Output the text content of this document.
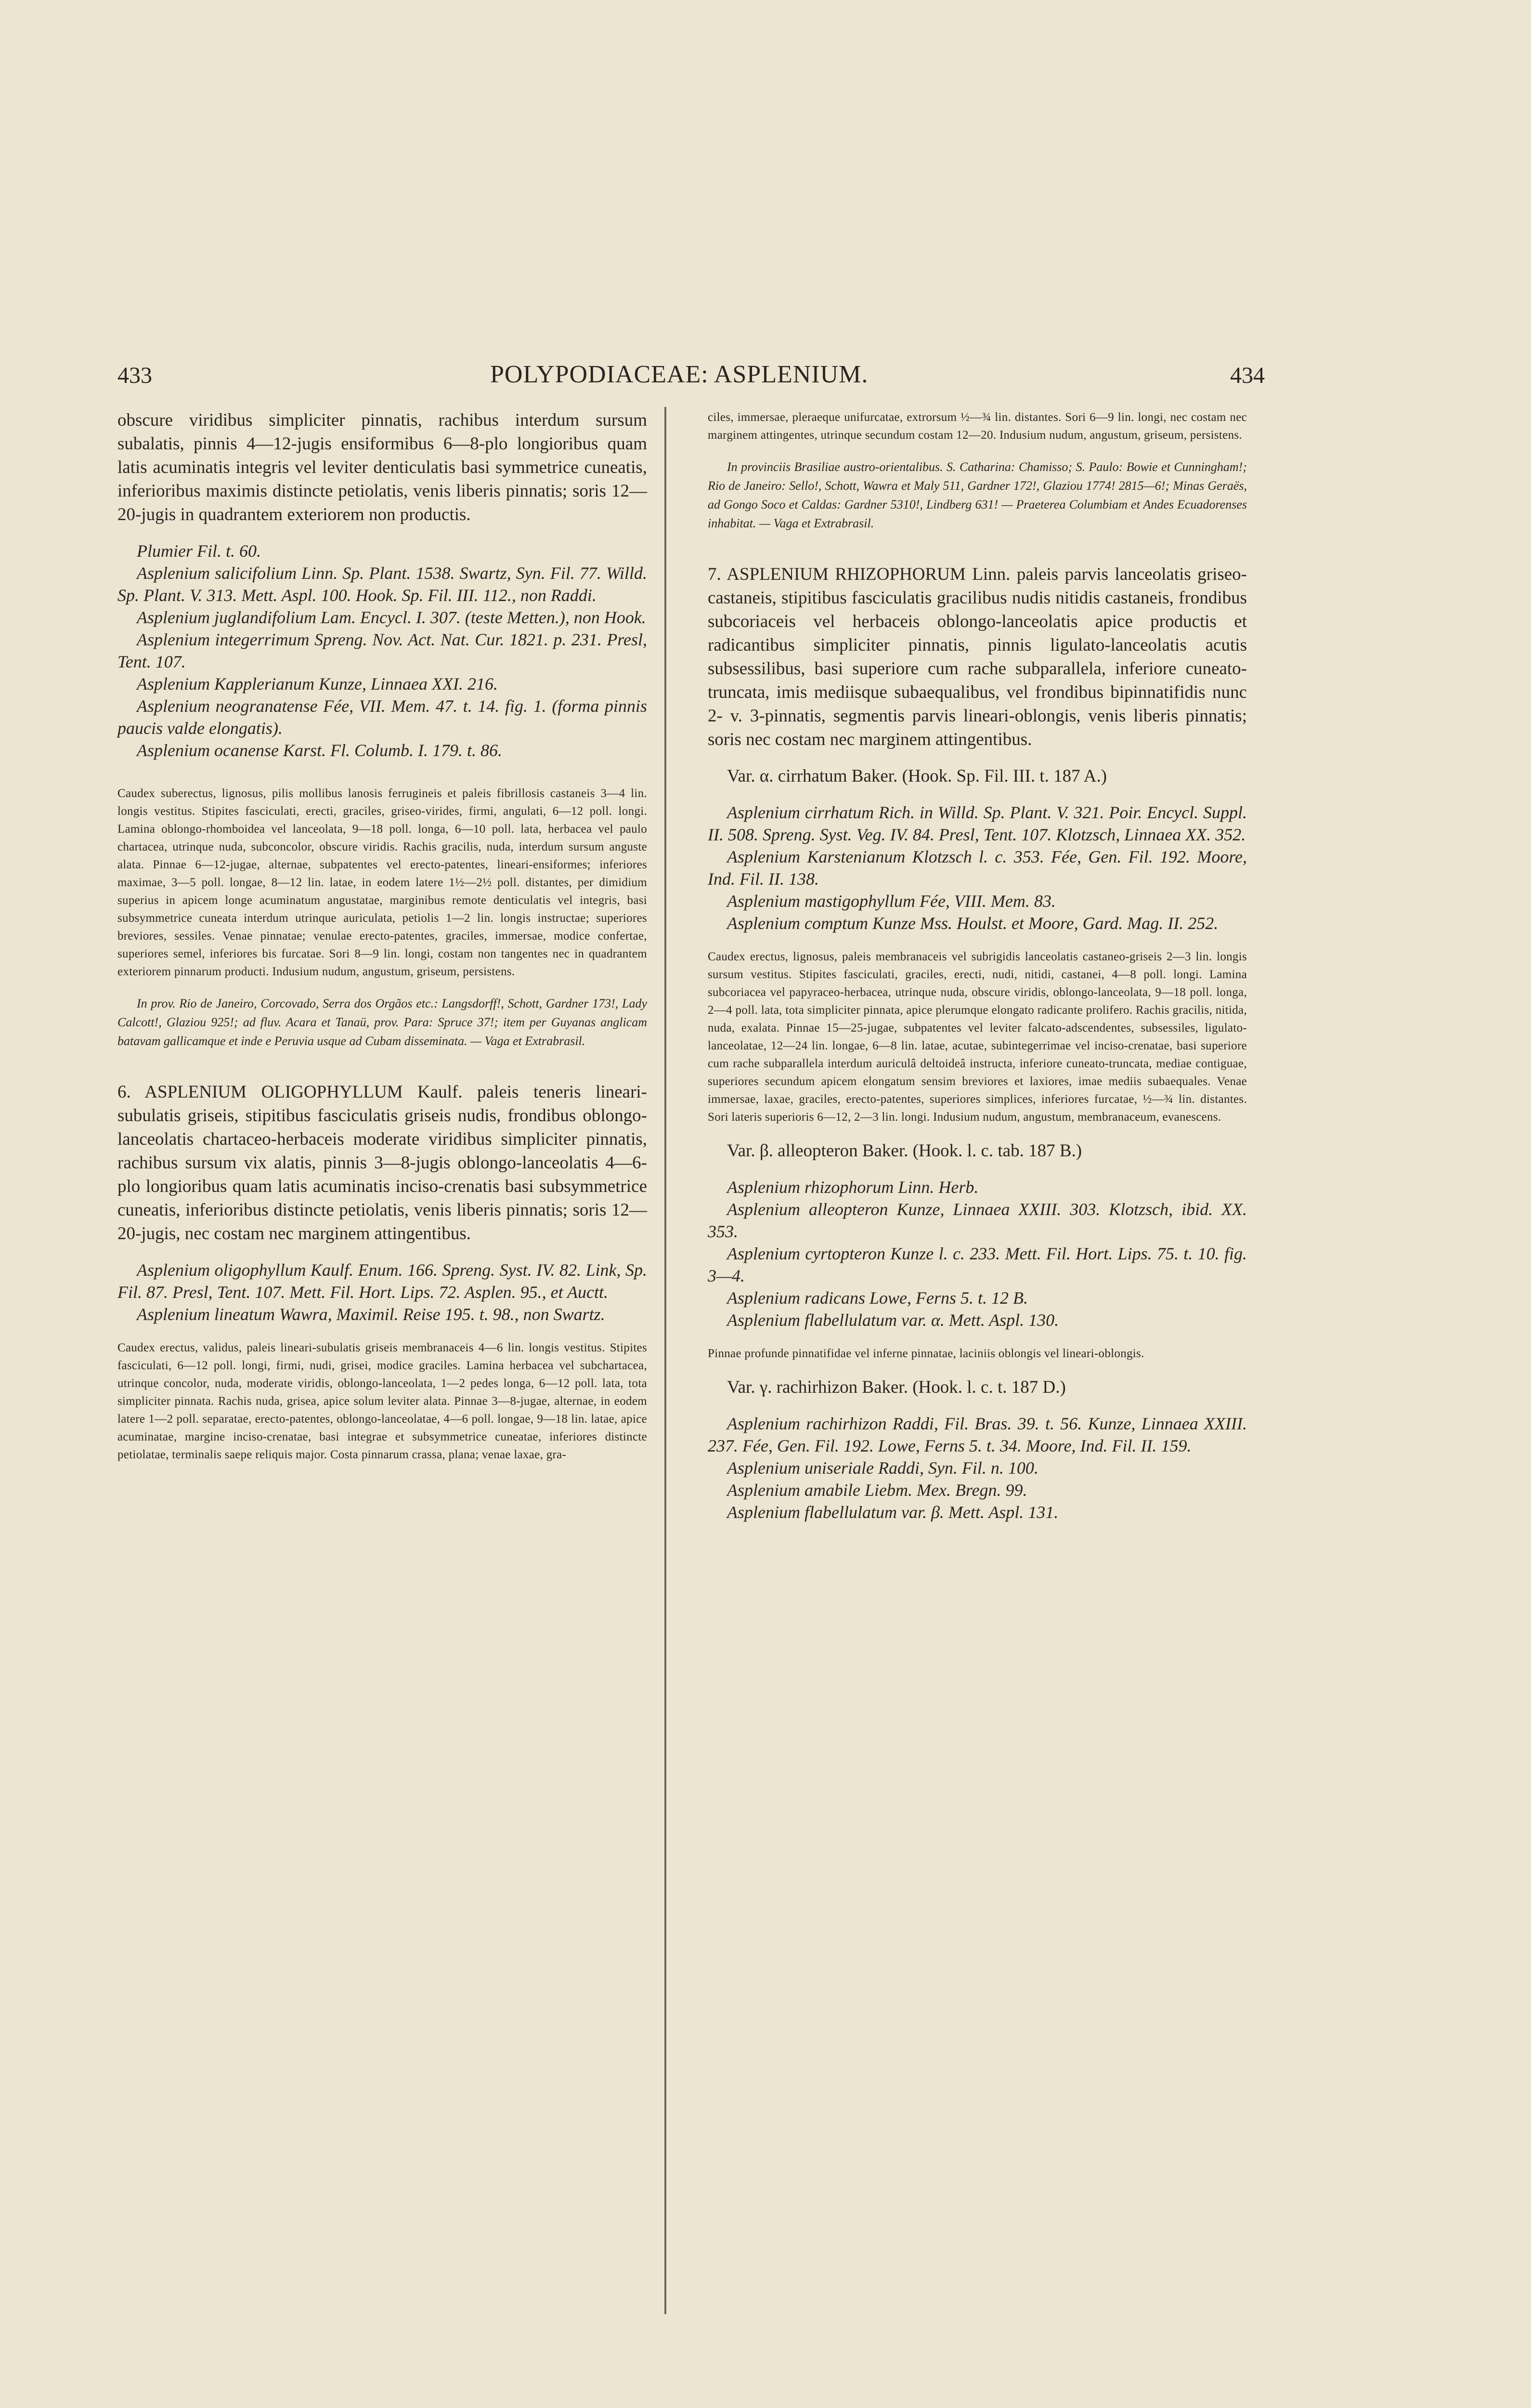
433	POLYPODIACEAE: ASPLENIUM.	434

obscure viridibus simpliciter pinnatis, rachibus interdum sursum subalatis, pinnis 4—12-jugis ensiformibus 6—8-plo longioribus quam latis acuminatis integris vel leviter denticulatis basi symmetrice cuneatis, inferioribus maximis distincte petiolatis, venis liberis pinnatis; soris 12—20-jugis in quadrantem exteriorem non productis.

Plumier Fil. t. 60.

Asplenium salicifolium Linn. Sp. Plant. 1538. Swartz, Syn. Fil. 77. Willd. Sp. Plant. V. 313. Mett. Aspl. 100. Hook. Sp. Fil. III. 112., non Raddi.

Asplenium juglandifolium Lam. Encycl. I. 307. (teste Metten.), non Hook.

Asplenium integerrimum Spreng. Nov. Act. Nat. Cur. 1821. p. 231. Presl, Tent. 107.

Asplenium Kapplerianum Kunze, Linnaea XXI. 216.

Asplenium neogranatense Fée, VII. Mem. 47. t. 14. fig. 1. (forma pinnis paucis valde elongatis).

Asplenium ocanense Karst. Fl. Columb. I. 179. t. 86.

Caudex suberectus, lignosus, pilis mollibus lanosis ferrugineis et paleis fibrillosis castaneis 3—4 lin. longis vestitus. Stipites fasciculati, erecti, graciles, griseo-virides, firmi, angulati, 6—12 poll. longi. Lamina oblongo-rhomboidea vel lanceolata, 9—18 poll. longa, 6—10 poll. lata, herbacea vel paulo chartacea, utrinque nuda, subconcolor, obscure viridis. Rachis gracilis, nuda, interdum sursum anguste alata. Pinnae 6—12-jugae, alternae, subpatentes vel erecto-patentes, lineari-ensiformes; inferiores maximae, 3—5 poll. longae, 8—12 lin. latae, in eodem latere 1½—2½ poll. distantes, per dimidium superius in apicem longe acuminatum angustatae, marginibus remote denticulatis vel integris, basi subsymmetrice cuneata interdum utrinque auriculata, petiolis 1—2 lin. longis instructae; superiores breviores, sessiles. Venae pinnatae; venulae erecto-patentes, graciles, immersae, modice confertae, superiores semel, inferiores bis furcatae. Sori 8—9 lin. longi, costam non tangentes nec in quadrantem exteriorem pinnarum producti. Indusium nudum, angustum, griseum, persistens.

In prov. Rio de Janeiro, Corcovado, Serra dos Orgãos etc.: Langsdorff!, Schott, Gardner 173!, Lady Calcott!, Glaziou 925!; ad fluv. Acara et Tanaü, prov. Para: Spruce 37!; item per Guyanas anglicam batavam gallicamque et inde e Peruvia usque ad Cubam disseminata. — Vaga et Extrabrasil.

6. ASPLENIUM OLIGOPHYLLUM Kaulf. paleis teneris lineari-subulatis griseis, stipitibus fasciculatis griseis nudis, frondibus oblongo-lanceolatis chartaceo-herbaceis moderate viridibus simpliciter pinnatis, rachibus sursum vix alatis, pinnis 3—8-jugis oblongo-lanceolatis 4—6-plo longioribus quam latis acuminatis inciso-crenatis basi subsymmetrice cuneatis, inferioribus distincte petiolatis, venis liberis pinnatis; soris 12—20-jugis, nec costam nec marginem attingentibus.

Asplenium oligophyllum Kaulf. Enum. 166. Spreng. Syst. IV. 82. Link, Sp. Fil. 87. Presl, Tent. 107. Mett. Fil. Hort. Lips. 72. Asplen. 95., et Auctt.

Asplenium lineatum Wawra, Maximil. Reise 195. t. 98., non Swartz.

Caudex erectus, validus, paleis lineari-subulatis griseis membranaceis 4—6 lin. longis vestitus. Stipites fasciculati, 6—12 poll. longi, firmi, nudi, grisei, modice graciles. Lamina herbacea vel subchartacea, utrinque concolor, nuda, moderate viridis, oblongo-lanceolata, 1—2 pedes longa, 6—12 poll. lata, tota simpliciter pinnata. Rachis nuda, grisea, apice solum leviter alata. Pinnae 3—8-jugae, alternae, in eodem latere 1—2 poll. separatae, erecto-patentes, oblongo-lanceolatae, 4—6 poll. longae, 9—18 lin. latae, apice acuminatae, margine inciso-crenatae, basi integrae et subsymmetrice cuneatae, inferiores distincte petiolatae, terminalis saepe reliquis major. Costa pinnarum crassa, plana; venae laxae, gra-

ciles, immersae, pleraeque unifurcatae, extrorsum ½—¾ lin. distantes. Sori 6—9 lin. longi, nec costam nec marginem attingentes, utrinque secundum costam 12—20. Indusium nudum, angustum, griseum, persistens.

In provinciis Brasiliae austro-orientalibus. S. Catharina: Chamisso; S. Paulo: Bowie et Cunningham!; Rio de Janeiro: Sello!, Schott, Wawra et Maly 511, Gardner 172!, Glaziou 1774! 2815—6!; Minas Geraës, ad Gongo Soco et Caldas: Gardner 5310!, Lindberg 631! — Praeterea Columbiam et Andes Ecuadorenses inhabitat. — Vaga et Extrabrasil.

7. ASPLENIUM RHIZOPHORUM Linn. paleis parvis lanceolatis griseo-castaneis, stipitibus fasciculatis gracilibus nudis nitidis castaneis, frondibus subcoriaceis vel herbaceis oblongo-lanceolatis apice productis et radicantibus simpliciter pinnatis, pinnis ligulato-lanceolatis acutis subsessilibus, basi superiore cum rache subparallela, inferiore cuneato-truncata, imis mediisque subaequalibus, vel frondibus bipinnatifidis nunc 2- v. 3-pinnatis, segmentis parvis lineari-oblongis, venis liberis pinnatis; soris nec costam nec marginem attingentibus.

Var. α. cirrhatum Baker. (Hook. Sp. Fil. III. t. 187 A.)

Asplenium cirrhatum Rich. in Willd. Sp. Plant. V. 321. Poir. Encycl. Suppl. II. 508. Spreng. Syst. Veg. IV. 84. Presl, Tent. 107. Klotzsch, Linnaea XX. 352.

Asplenium Karstenianum Klotzsch l. c. 353. Fée, Gen. Fil. 192. Moore, Ind. Fil. II. 138.

Asplenium mastigophyllum Fée, VIII. Mem. 83.

Asplenium comptum Kunze Mss. Houlst. et Moore, Gard. Mag. II. 252.

Caudex erectus, lignosus, paleis membranaceis vel subrigidis lanceolatis castaneo-griseis 2—3 lin. longis sursum vestitus. Stipites fasciculati, graciles, erecti, nudi, nitidi, castanei, 4—8 poll. longi. Lamina subcoriacea vel papyraceo-herbacea, utrinque nuda, obscure viridis, oblongo-lanceolata, 9—18 poll. longa, 2—4 poll. lata, tota simpliciter pinnata, apice plerumque elongato radicante prolifero. Rachis gracilis, nitida, nuda, exalata. Pinnae 15—25-jugae, subpatentes vel leviter falcato-adscendentes, subsessiles, ligulato-lanceolatae, 12—24 lin. longae, 6—8 lin. latae, acutae, subintegerrimae vel inciso-crenatae, basi superiore cum rache subparallela interdum auriculâ deltoideâ instructa, inferiore cuneato-truncata, mediae contiguae, superiores secundum apicem elongatum sensim breviores et laxiores, imae mediis subaequales. Venae immersae, laxae, graciles, erecto-patentes, superiores simplices, inferiores furcatae, ½—¾ lin. distantes. Sori lateris superioris 6—12, 2—3 lin. longi. Indusium nudum, angustum, membranaceum, evanescens.

Var. β. alleopteron Baker. (Hook. l. c. tab. 187 B.)

Asplenium rhizophorum Linn. Herb.

Asplenium alleopteron Kunze, Linnaea XXIII. 303. Klotzsch, ibid. XX. 353.

Asplenium cyrtopteron Kunze l. c. 233. Mett. Fil. Hort. Lips. 75. t. 10. fig. 3—4.

Asplenium radicans Lowe, Ferns 5. t. 12 B.

Asplenium flabellulatum var. α. Mett. Aspl. 130.

Pinnae profunde pinnatifidae vel inferne pinnatae, laciniis oblongis vel lineari-oblongis.

Var. γ. rachirhizon Baker. (Hook. l. c. t. 187 D.)

Asplenium rachirhizon Raddi, Fil. Bras. 39. t. 56. Kunze, Linnaea XXIII. 237. Fée, Gen. Fil. 192. Lowe, Ferns 5. t. 34. Moore, Ind. Fil. II. 159.

Asplenium uniseriale Raddi, Syn. Fil. n. 100.

Asplenium amabile Liebm. Mex. Bregn. 99.

Asplenium flabellulatum var. β. Mett. Aspl. 131.
